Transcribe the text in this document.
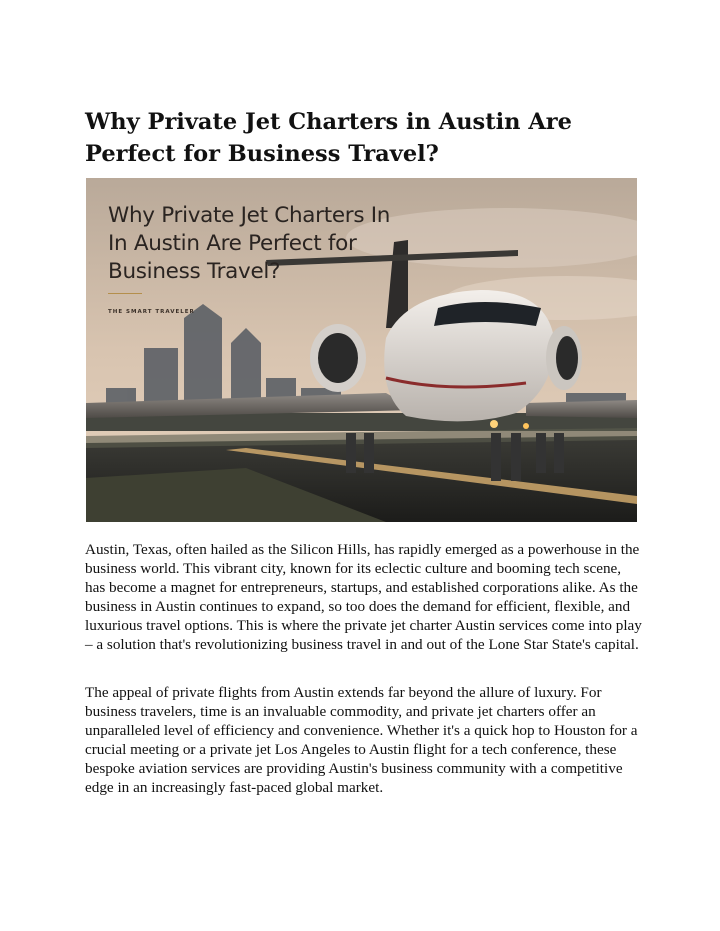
Why Private Jet Charters in Austin Are Perfect for Business Travel?
Why Private Jet Charters In
In Austin Are Perfect for
Business Travel?
THE SMART TRAVELER

Austin, Texas, often hailed as the Silicon Hills, has rapidly emerged as a powerhouse in the business world. This vibrant city, known for its eclectic culture and booming tech scene, has become a magnet for entrepreneurs, startups, and established corporations alike. As the business in Austin continues to expand, so too does the demand for efficient, flexible, and luxurious travel options. This is where the private jet charter Austin services come into play – a solution that's revolutionizing business travel in and out of the Lone Star State's capital.

The appeal of private flights from Austin extends far beyond the allure of luxury. For business travelers, time is an invaluable commodity, and private jet charters offer an unparalleled level of efficiency and convenience. Whether it's a quick hop to Houston for a crucial meeting or a private jet Los Angeles to Austin flight for a tech conference, these bespoke aviation services are providing Austin's business community with a competitive edge in an increasingly fast-paced global market.
